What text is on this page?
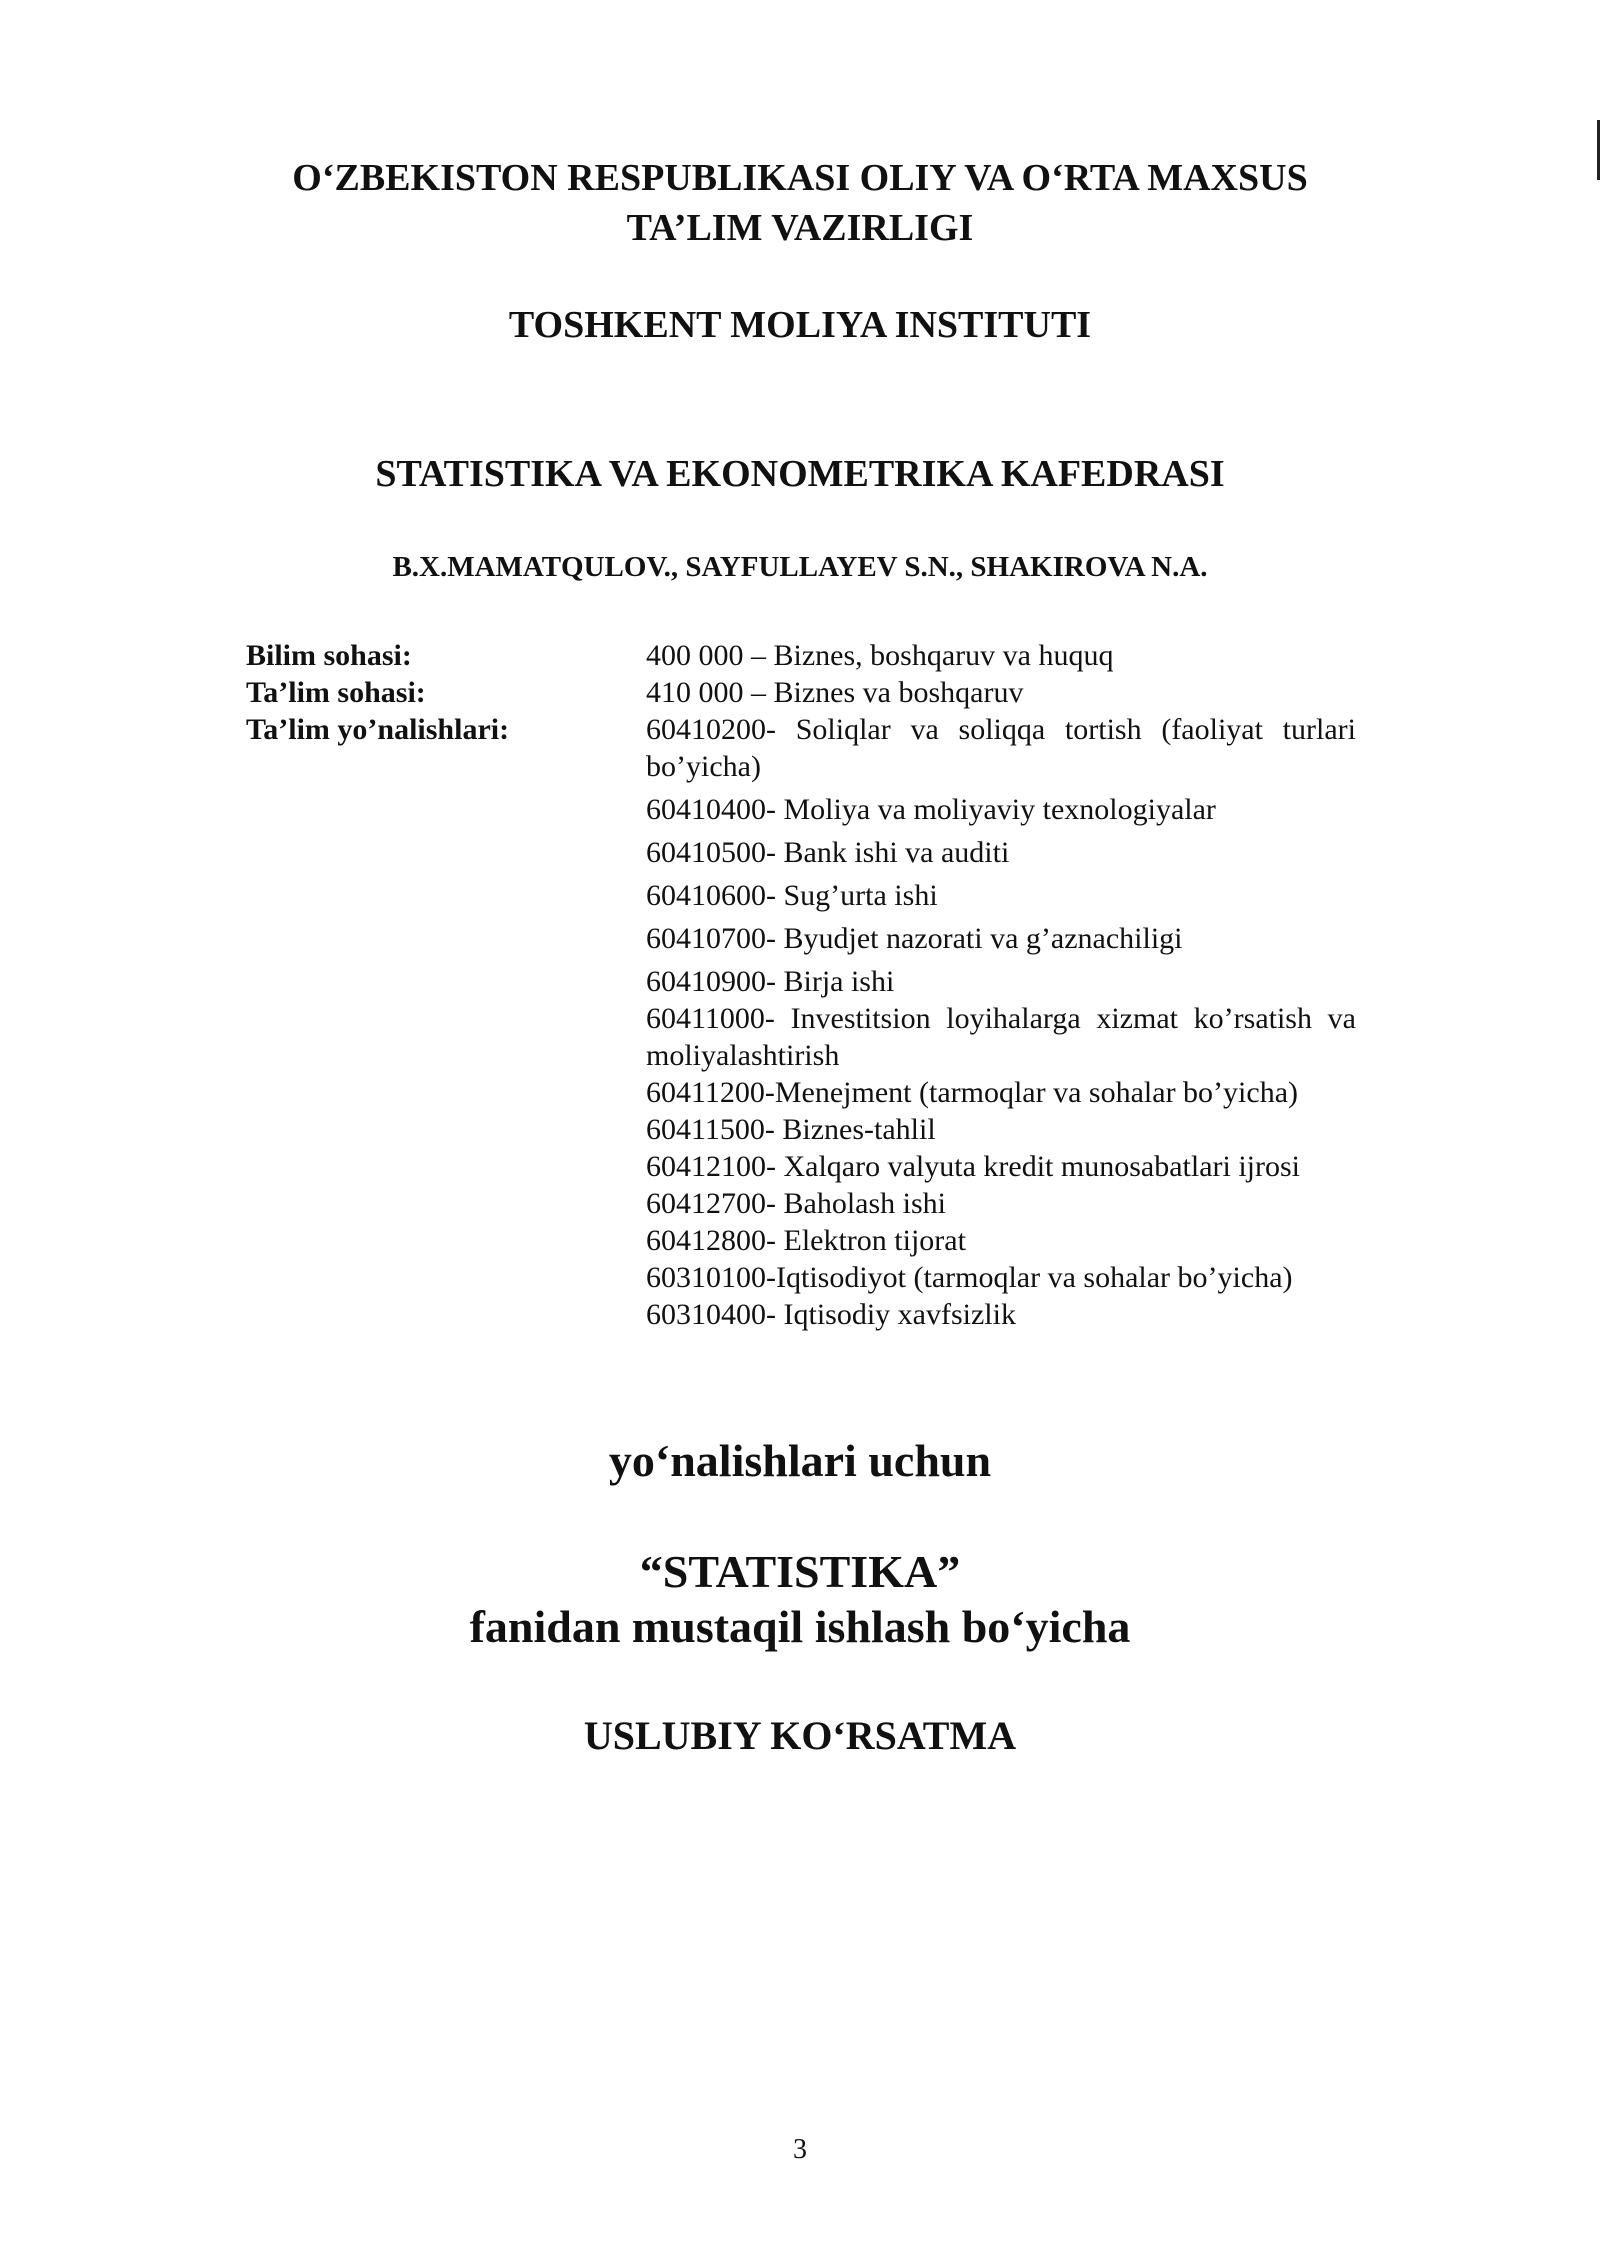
O‘ZBEKISTON RESPUBLIKASI OLIY VA O‘RTA MAXSUS
TA’LIM VAZIRLIGI
TOSHKENT MOLIYA INSTITUTI
STATISTIKA VA EKONOMETRIKA KAFEDRASI
B.X.MAMATQULOV., SAYFULLAYEV S.N., SHAKIROVA N.A.
Bilim sohasi:	400 000 – Biznes, boshqaruv va huquq
Ta’lim sohasi:	410 000 – Biznes va boshqaruv
Ta’lim yo’nalishlari:	60410200- Soliqlar va soliqqa tortish (faoliyat turlari bo’yicha)
60410400- Moliya va moliyaviy texnologiyalar
60410500- Bank ishi va auditi
60410600- Sug’urta ishi
60410700- Byudjet nazorati va g’aznachiligi
60410900- Birja ishi
60411000- Investitsion loyihalarga xizmat ko’rsatish va moliyalashtirish
60411200-Menejment (tarmoqlar va sohalar bo’yicha)
60411500- Biznes-tahlil
60412100- Xalqaro valyuta kredit munosabatlari ijrosi
60412700- Baholash ishi
60412800- Elektron tijorat
60310100-Iqtisodiyot (tarmoqlar va sohalar bo’yicha)
60310400- Iqtisodiy xavfsizlik
yo‘nalishlari uchun
“STATISTIKA”
fanidan mustaqil ishlash bo‘yicha
USLUBIY KO‘RSATMA
3
